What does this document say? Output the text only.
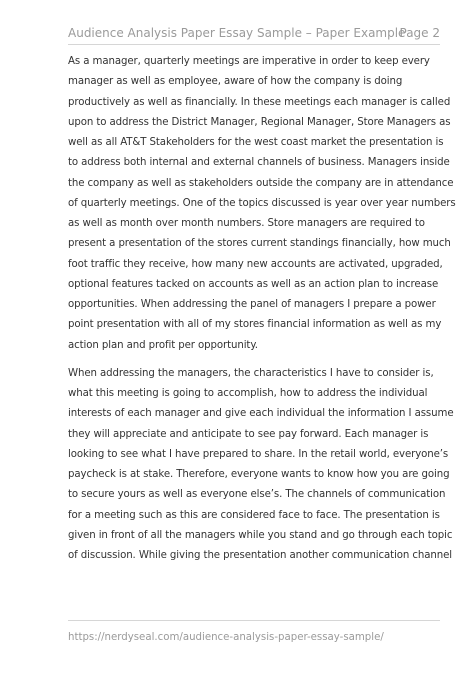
Audience Analysis Paper Essay Sample – Paper Example
Page 2

As a manager, quarterly meetings are imperative in order to keep every
manager as well as employee, aware of how the company is doing
productively as well as financially. In these meetings each manager is called
upon to address the District Manager, Regional Manager, Store Managers as
well as all AT&T Stakeholders for the west coast market the presentation is
to address both internal and external channels of business. Managers inside
the company as well as stakeholders outside the company are in attendance
of quarterly meetings. One of the topics discussed is year over year numbers
as well as month over month numbers. Store managers are required to
present a presentation of the stores current standings financially, how much
foot traffic they receive, how many new accounts are activated, upgraded,
optional features tacked on accounts as well as an action plan to increase
opportunities. When addressing the panel of managers I prepare a power
point presentation with all of my stores financial information as well as my
action plan and profit per opportunity.

When addressing the managers, the characteristics I have to consider is,
what this meeting is going to accomplish, how to address the individual
interests of each manager and give each individual the information I assume
they will appreciate and anticipate to see pay forward. Each manager is
looking to see what I have prepared to share. In the retail world, everyone’s
paycheck is at stake. Therefore, everyone wants to know how you are going
to secure yours as well as everyone else’s. The channels of communication
for a meeting such as this are considered face to face. The presentation is
given in front of all the managers while you stand and go through each topic
of discussion. While giving the presentation another communication channel

https://nerdyseal.com/audience-analysis-paper-essay-sample/
